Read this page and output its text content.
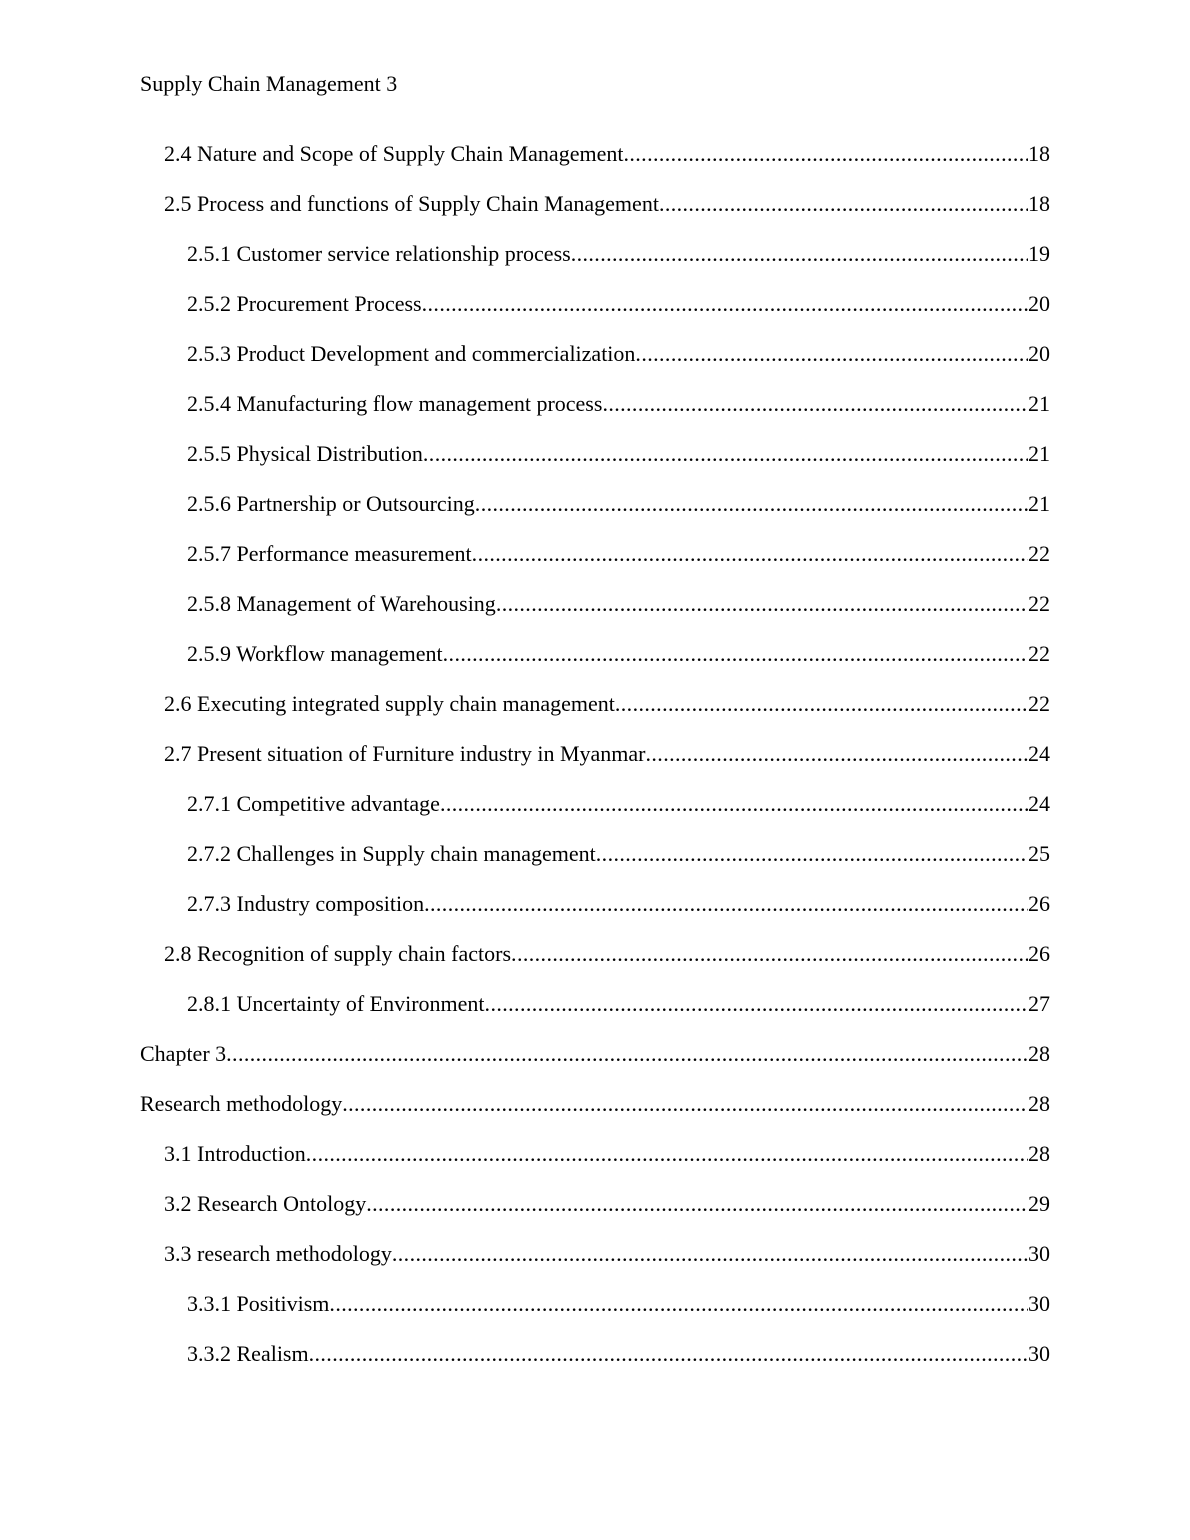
Supply Chain Management 3
2.4 Nature and Scope of Supply Chain Management .....	18
2.5 Process and functions of Supply Chain Management .....	18
2.5.1 Customer service relationship process .....	19
2.5.2 Procurement Process .....	20
2.5.3 Product Development and commercialization .....	20
2.5.4 Manufacturing flow management process .....	21
2.5.5 Physical Distribution .....	21
2.5.6 Partnership or Outsourcing .....	21
2.5.7 Performance measurement .....	22
2.5.8 Management of Warehousing .....	22
2.5.9 Workflow management .....	22
2.6 Executing integrated supply chain management .....	22
2.7 Present situation of Furniture industry in Myanmar .....	24
2.7.1 Competitive advantage .....	24
2.7.2 Challenges in Supply chain management .....	25
2.7.3 Industry composition .....	26
2.8 Recognition of supply chain factors .....	26
2.8.1 Uncertainty of Environment .....	27
Chapter 3 .....	28
Research methodology .....	28
3.1 Introduction .....	28
3.2 Research Ontology .....	29
3.3 research methodology .....	30
3.3.1 Positivism .....	30
3.3.2 Realism .....	30
